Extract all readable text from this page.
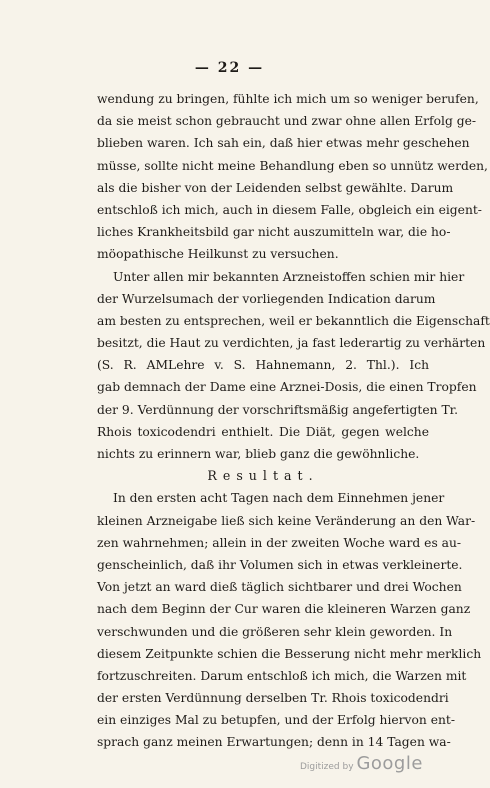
— 22 —
wendung zu bringen, fühlte ich mich um so weniger berufen,
da sie meist schon gebraucht und zwar ohne allen Erfolg ge-
blieben waren. Ich sah ein, daß hier etwas mehr geschehen
müsse, sollte nicht meine Behandlung eben so unnütz werden,
als die bisher von der Leidenden selbst gewählte. Darum
entschloß ich mich, auch in diesem Falle, obgleich ein eigent-
liches Krankheitsbild gar nicht auszumitteln war, die ho-
möopathische Heilkunst zu versuchen.
Unter allen mir bekannten Arzneistoffen schien mir hier
der Wurzelsumach der vorliegenden Indication darum
am besten zu entsprechen, weil er bekanntlich die Eigenschaft
besitzt, die Haut zu verdichten, ja fast lederartig zu verhärten
(S. R. AMLehre v. S. Hahnemann, 2. Thl.). Ich
gab demnach der Dame eine Arznei-Dosis, die einen Tropfen
der 9. Verdünnung der vorschriftsmäßig angefertigten Tr.
Rhois toxicodendri enthielt. Die Diät, gegen welche
nichts zu erinnern war, blieb ganz die gewöhnliche.
Resultat.
In den ersten acht Tagen nach dem Einnehmen jener
kleinen Arzneigabe ließ sich keine Veränderung an den War-
zen wahrnehmen; allein in der zweiten Woche ward es au-
genscheinlich, daß ihr Volumen sich in etwas verkleinerte.
Von jetzt an ward dieß täglich sichtbarer und drei Wochen
nach dem Beginn der Cur waren die kleineren Warzen ganz
verschwunden und die größeren sehr klein geworden. In
diesem Zeitpunkte schien die Besserung nicht mehr merklich
fortzuschreiten. Darum entschloß ich mich, die Warzen mit
der ersten Verdünnung derselben Tr. Rhois toxicodendri
ein einziges Mal zu betupfen, und der Erfolg hiervon ent-
sprach ganz meinen Erwartungen; denn in 14 Tagen wa-
Digitized by Google
